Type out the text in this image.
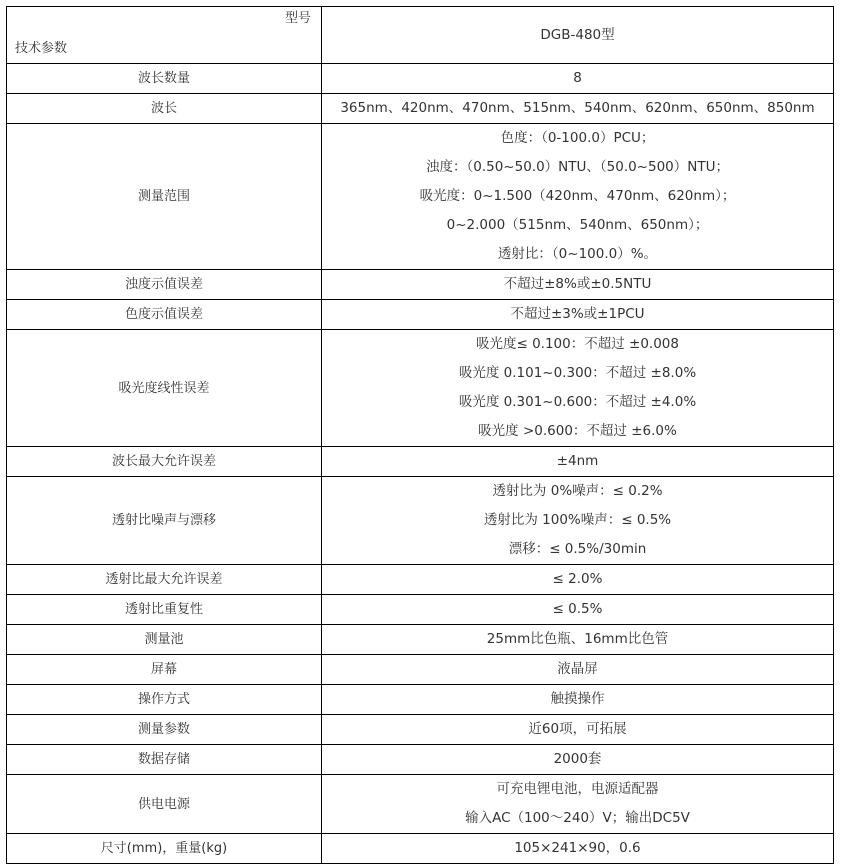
型号
技术参数	DGB-480型
波长数量	8

波长	365nm、420nm、470nm、515nm、540nm、620nm、650nm、850nm

测量范围	色度：（0-100.0）PCU；
浊度：（0.50~50.0）NTU、（50.0~500）NTU；
吸光度：0~1.500（420nm、470nm、620nm）；
0~2.000（515nm、540nm、650nm）；
透射比：（0~100.0）%。

浊度示值误差	不超过±8%或±0.5NTU

色度示值误差	不超过±3%或±1PCU

吸光度线性误差	吸光度≤ 0.100：不超过 ±0.008
吸光度 0.101~0.300：不超过 ±8.0%
吸光度 0.301~0.600：不超过 ±4.0%
吸光度 >0.600：不超过 ±6.0%

波长最大允许误差	±4nm

透射比噪声与漂移	透射比为 0%噪声：≤ 0.2%
透射比为 100%噪声：≤ 0.5%
漂移：≤ 0.5%/30min

透射比最大允许误差	≤ 2.0%

透射比重复性	≤ 0.5%

测量池	25mm比色瓶、16mm比色管

屏幕	液晶屏

操作方式	触摸操作

测量参数	近60项，可拓展

数据存储	2000套

供电电源	可充电锂电池，电源适配器
输入AC（100～240）V；输出DC5V

尺寸(mm)，重量(kg)	105×241×90，0.6
